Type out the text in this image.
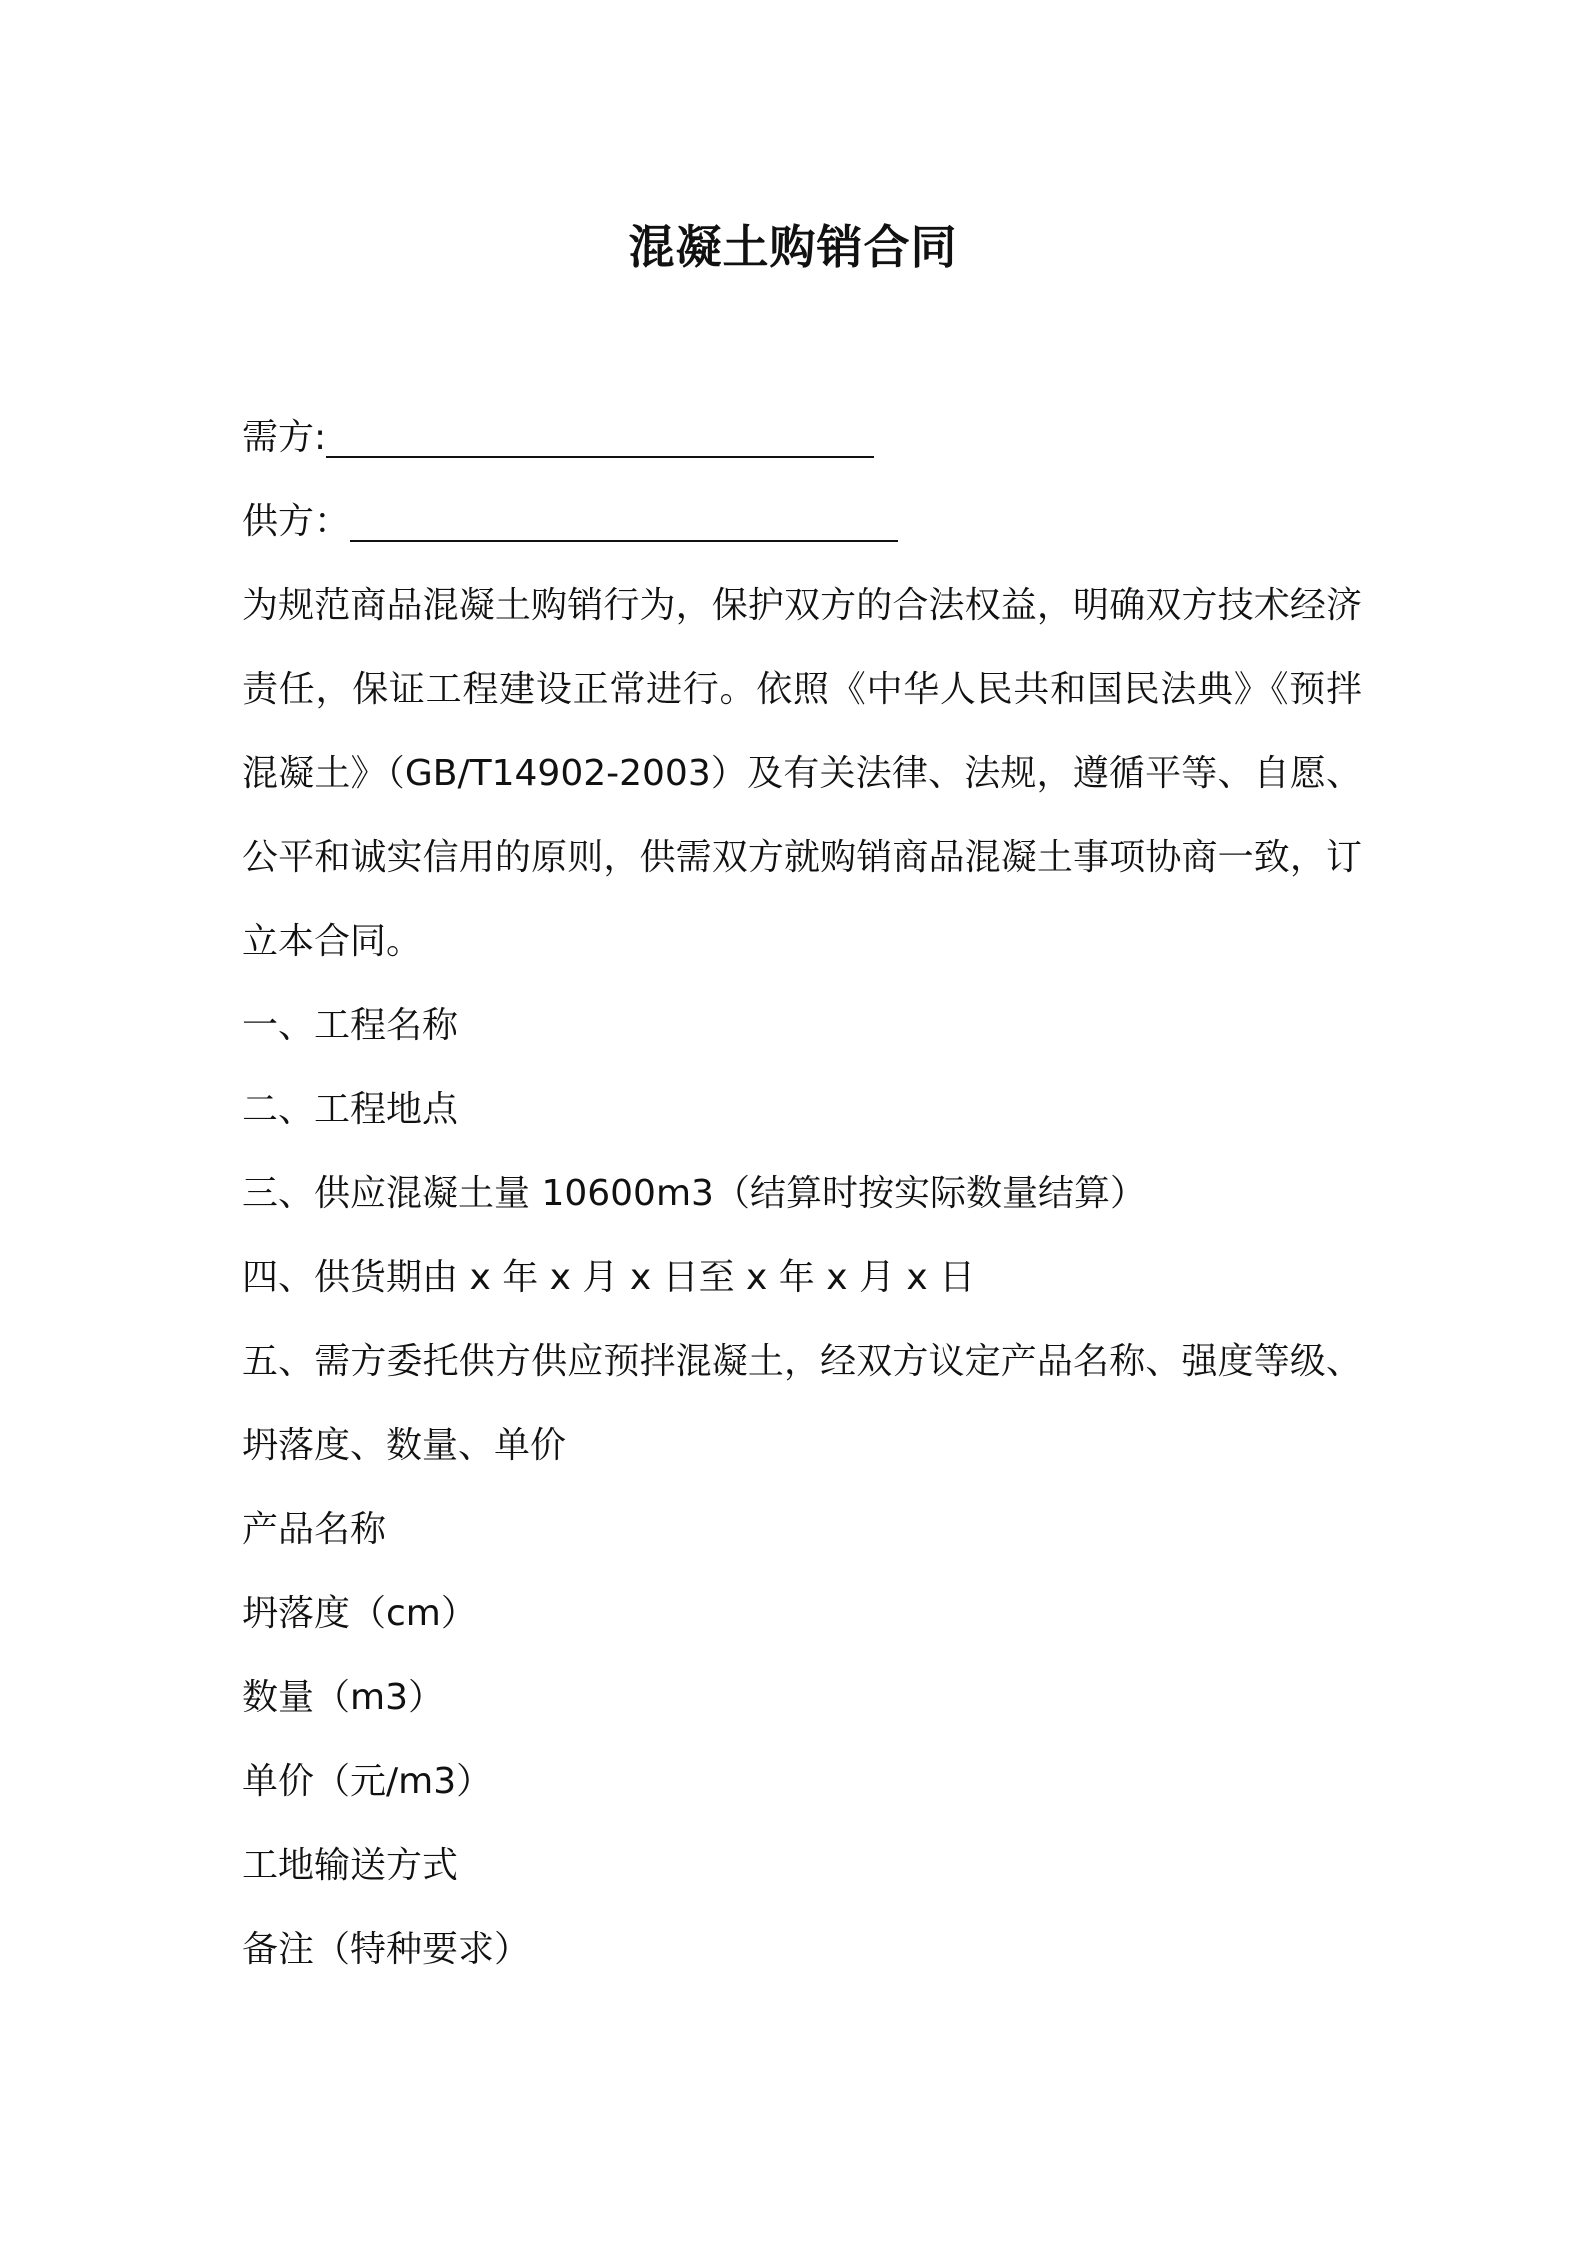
混凝土购销合同
需方:
供方：
为规范商品混凝土购销行为，保护双方的合法权益，明确双方技术经济责任，保证工程建设正常进行。依照《中华人民共和国民法典》《预拌混凝土》（GB/T14902-2003）及有关法律、法规，遵循平等、自愿、公平和诚实信用的原则，供需双方就购销商品混凝土事项协商一致，订立本合同。
一、工程名称
二、工程地点
三、供应混凝土量 10600m3（结算时按实际数量结算）
四、供货期由 x 年 x 月 x 日至 x 年 x 月 x 日
五、需方委托供方供应预拌混凝土，经双方议定产品名称、强度等级、坍落度、数量、单价
产品名称
坍落度（cm）
数量（m3）
单价（元/m3）
工地输送方式
备注（特种要求）
